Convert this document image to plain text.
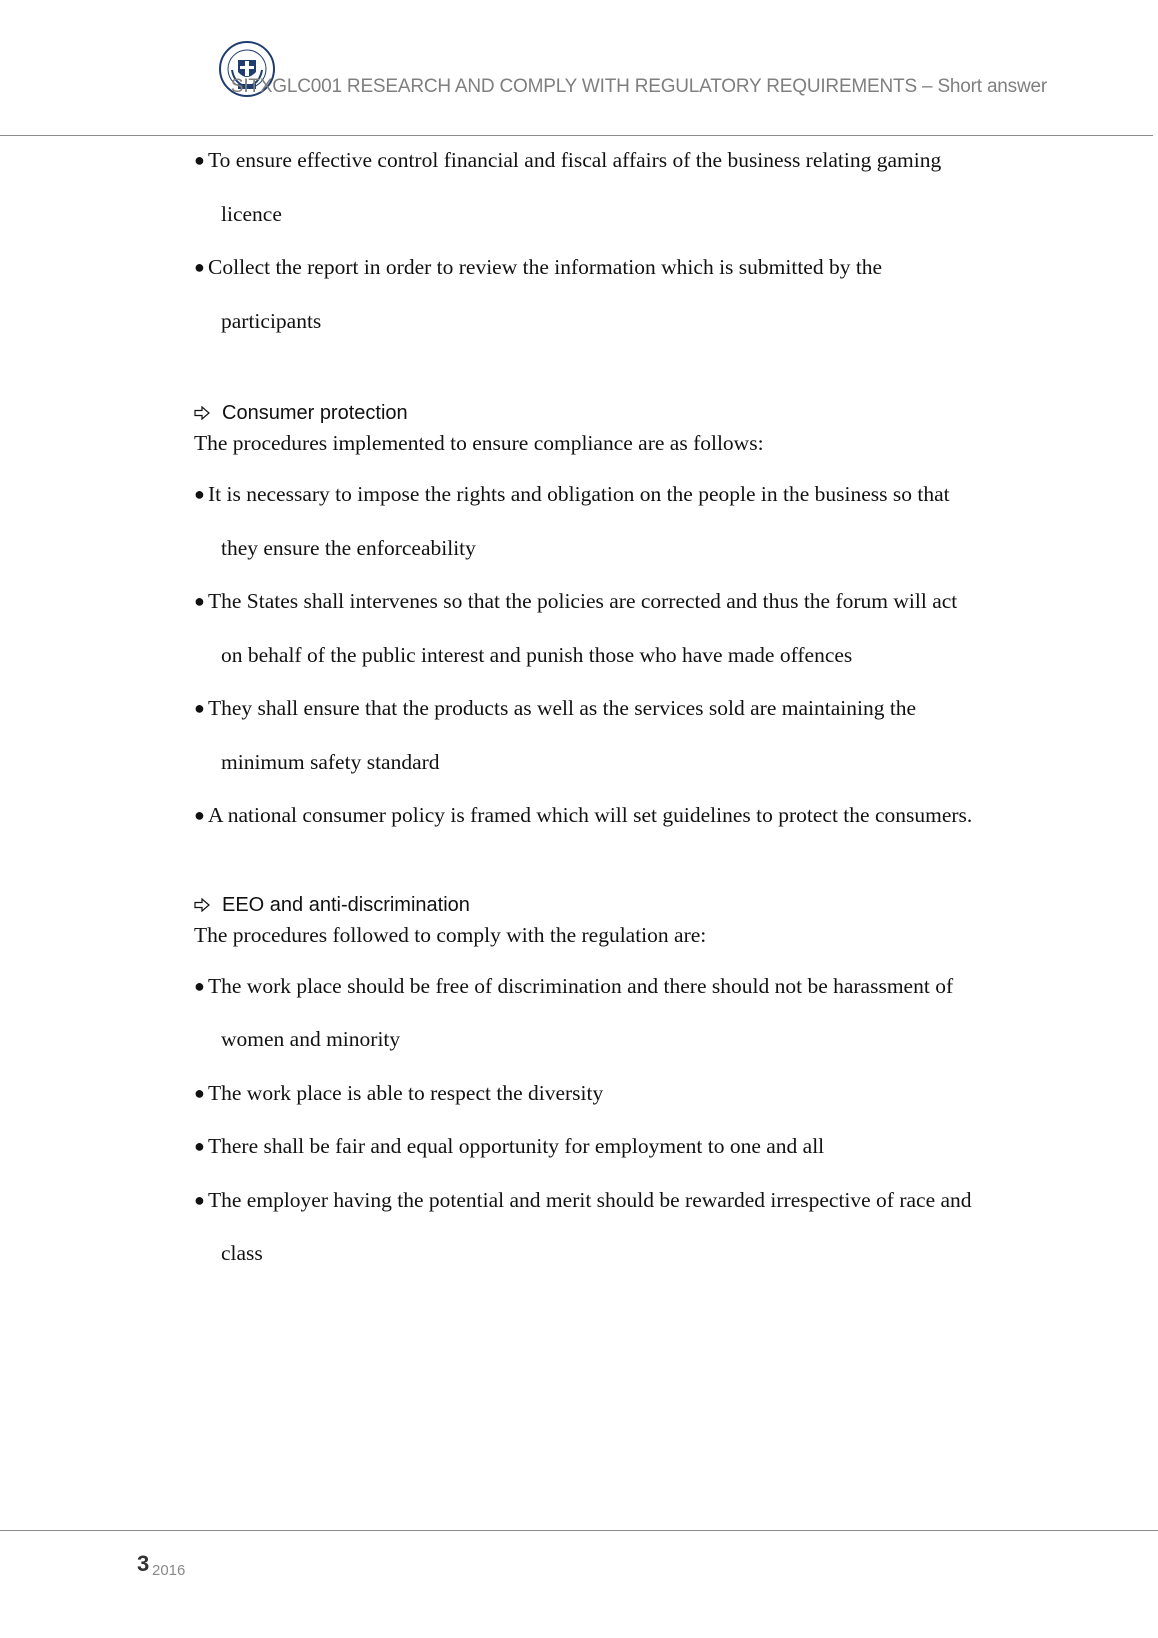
SITXGLC001 RESEARCH AND COMPLY WITH REGULATORY REQUIREMENTS – Short answer
● To ensure effective control financial and fiscal affairs of the business relating gaming
licence
● Collect the report in order to review the information which is submitted by the
participants
Consumer protection
The procedures implemented to ensure compliance are as follows:
● It is necessary to impose the rights and obligation on the people in the business so that
they ensure the enforceability
● The States shall intervenes so that the policies are corrected and thus the forum will act
on behalf of the public interest and punish those who have made offences
● They shall ensure that the products as well as the services sold are maintaining the
minimum safety standard
● A national consumer policy is framed which will set guidelines to protect the consumers.
EEO and anti-discrimination
The procedures followed to comply with the regulation are:
● The work place should be free of discrimination and there should not be harassment of
women and minority
● The work place is able to respect the diversity
● There shall be fair and equal opportunity for employment to one and all
● The employer having the potential and merit should be rewarded irrespective of race and
class
3 2016
